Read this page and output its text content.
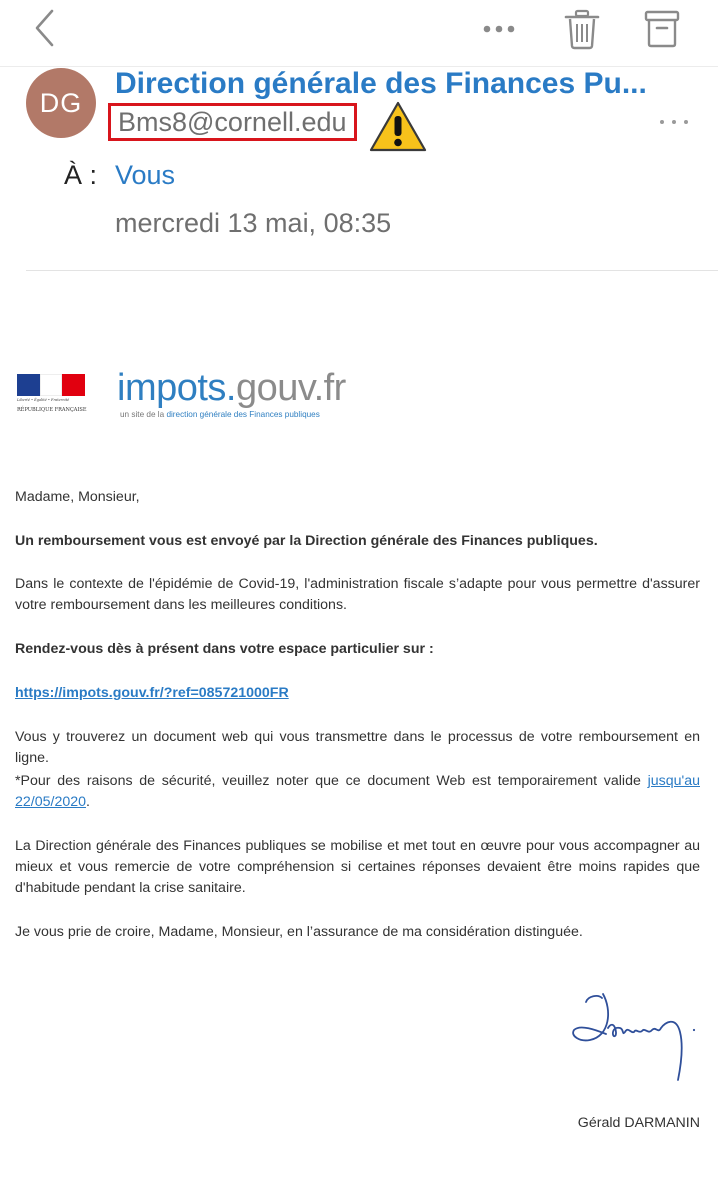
DG
Direction générale des Finances Pu...
Bms8@cornell.edu
À : Vous
mercredi 13 mai, 08:35
Liberté • Égalité • Fraternité
RÉPUBLIQUE FRANÇAISE
impots.gouv.fr
un site de la direction générale des Finances publiques

Madame, Monsieur,

Un remboursement vous est envoyé par la Direction générale des Finances publiques.

Dans le contexte de l'épidémie de Covid-19, l'administration fiscale s’adapte pour vous permettre d'assurer votre remboursement dans les meilleures conditions.

Rendez-vous dès à présent dans votre espace particulier sur :

https://impots.gouv.fr/?ref=085721000FR

Vous y trouverez un document web qui vous transmettre dans le processus de votre remboursement en ligne.

*Pour des raisons de sécurité, veuillez noter que ce document Web est temporairement valide jusqu'au 22/05/2020.

La Direction générale des Finances publiques se mobilise et met tout en œuvre pour vous accompagner au mieux et vous remercie de votre compréhension si certaines réponses devaient être moins rapides que d'habitude pendant la crise sanitaire.

Je vous prie de croire, Madame, Monsieur, en l’assurance de ma considération distinguée.

Gérald DARMANIN
